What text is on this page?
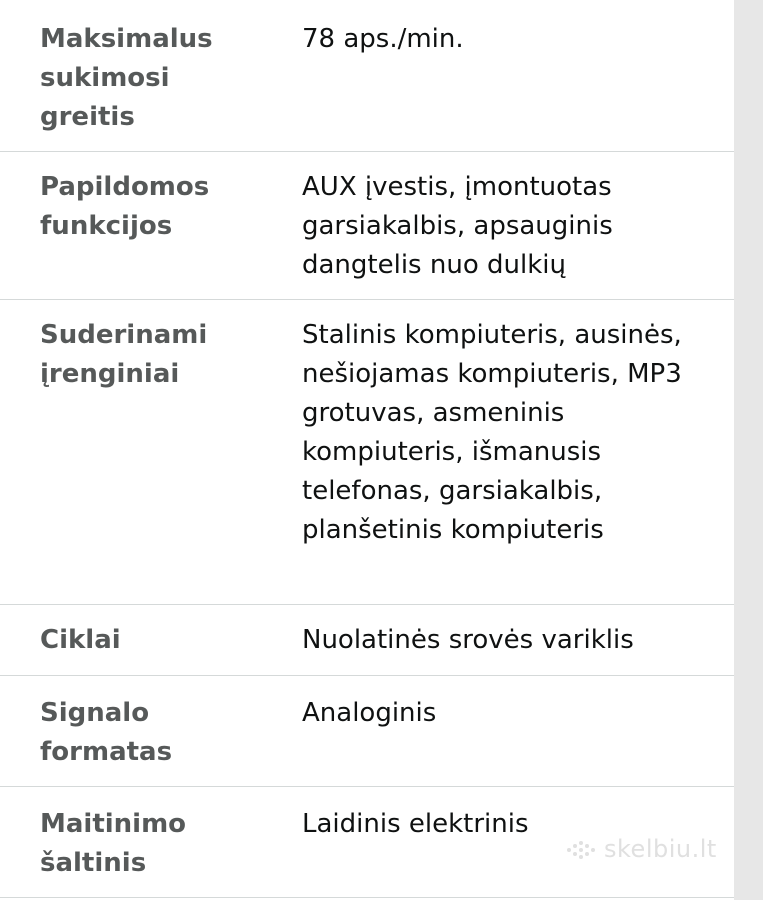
Maksimalus sukimosi greitis
78 aps./min.
Papildomos funkcijos
AUX įvestis, įmontuotas garsiakalbis, apsauginis dangtelis nuo dulkių
Suderinami įrenginiai
Stalinis kompiuteris, ausinės, nešiojamas kompiuteris, MP3 grotuvas, asmeninis kompiuteris, išmanusis telefonas, garsiakalbis, planšetinis kompiuteris
Ciklai	Nuolatinės srovės variklis
Signalo formatas
Analoginis
Maitinimo šaltinis
Laidinis elektrinis
skelbiu.lt
